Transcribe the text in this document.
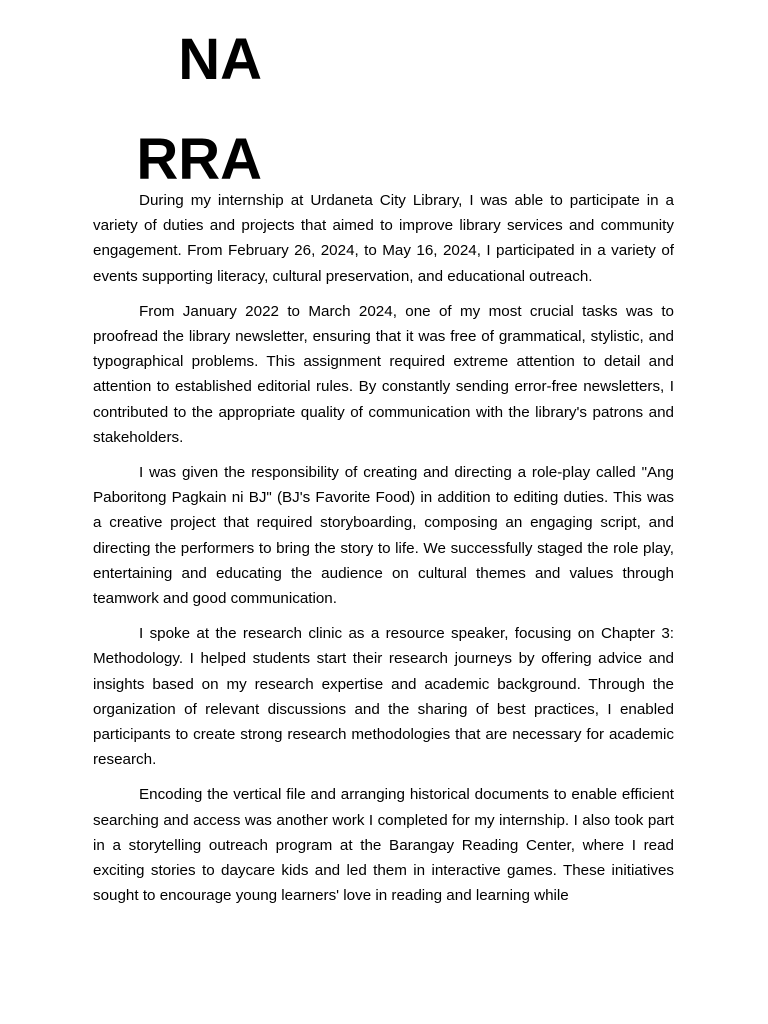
NA
RRA

During my internship at Urdaneta City Library, I was able to participate in a variety of duties and projects that aimed to improve library services and community engagement. From February 26, 2024, to May 16, 2024, I participated in a variety of events supporting literacy, cultural preservation, and educational outreach.

From January 2022 to March 2024, one of my most crucial tasks was to proofread the library newsletter, ensuring that it was free of grammatical, stylistic, and typographical problems. This assignment required extreme attention to detail and attention to established editorial rules. By constantly sending error-free newsletters, I contributed to the appropriate quality of communication with the library's patrons and stakeholders.

I was given the responsibility of creating and directing a role-play called "Ang Paboritong Pagkain ni BJ" (BJ's Favorite Food) in addition to editing duties. This was a creative project that required storyboarding, composing an engaging script, and directing the performers to bring the story to life. We successfully staged the role play, entertaining and educating the audience on cultural themes and values through teamwork and good communication.

I spoke at the research clinic as a resource speaker, focusing on Chapter 3: Methodology. I helped students start their research journeys by offering advice and insights based on my research expertise and academic background. Through the organization of relevant discussions and the sharing of best practices, I enabled participants to create strong research methodologies that are necessary for academic research.

Encoding the vertical file and arranging historical documents to enable efficient searching and access was another work I completed for my internship. I also took part in a storytelling outreach program at the Barangay Reading Center, where I read exciting stories to daycare kids and led them in interactive games. These initiatives sought to encourage young learners' love in reading and learning while
